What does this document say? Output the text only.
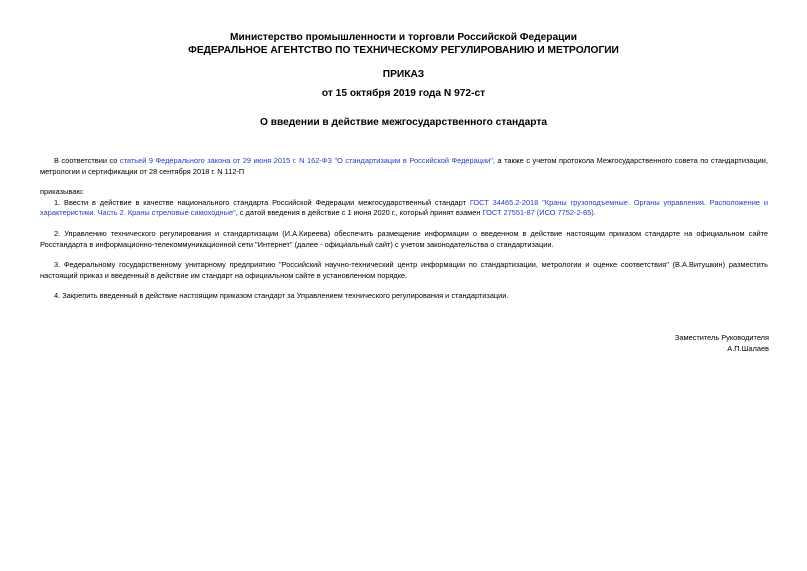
Министерство промышленности и торговли Российской Федерации
ФЕДЕРАЛЬНОЕ АГЕНТСТВО ПО ТЕХНИЧЕСКОМУ РЕГУЛИРОВАНИЮ И МЕТРОЛОГИИ
ПРИКАЗ
от 15 октября 2019 года N 972-ст
О введении в действие межгосударственного стандарта
В соответствии со статьей 9 Федерального закона от 29 июня 2015 г. N 162-ФЗ "О стандартизации в Российской Федерации", а также с учетом протокола Межгосударственного совета по стандартизации, метрологии и сертификации от 28 сентября 2018 г. N 112-П
приказываю:
1. Ввести в действие в качестве национального стандарта Российской Федерации межгосударственный стандарт ГОСТ 34465.2-2018 "Краны грузоподъемные. Органы управления. Расположение и характеристики. Часть 2. Краны стреловые самоходные", с датой введения в действие с 1 июня 2020 г., который принят взамен ГОСТ 27551-87 (ИСО 7752-2-85).
2. Управлению технического регулирования и стандартизации (И.А.Киреева) обеспечить размещение информации о введенном в действие настоящим приказом стандарте на официальном сайте Росстандарта в информационно-телекоммуникационной сети "Интернет" (далее - официальный сайт) с учетом законодательства о стандартизации.
3. Федеральному государственному унитарному предприятию "Российский научно-технический центр информации по стандартизации, метрологии и оценке соответствия" (В.А.Витушкин) разместить настоящий приказ и введенный в действие им стандарт на официальном сайте в установленном порядке.
4. Закрепить введенный в действие настоящим приказом стандарт за Управлением технического регулирования и стандартизации.
Заместитель Руководителя
А.П.Шалаев
